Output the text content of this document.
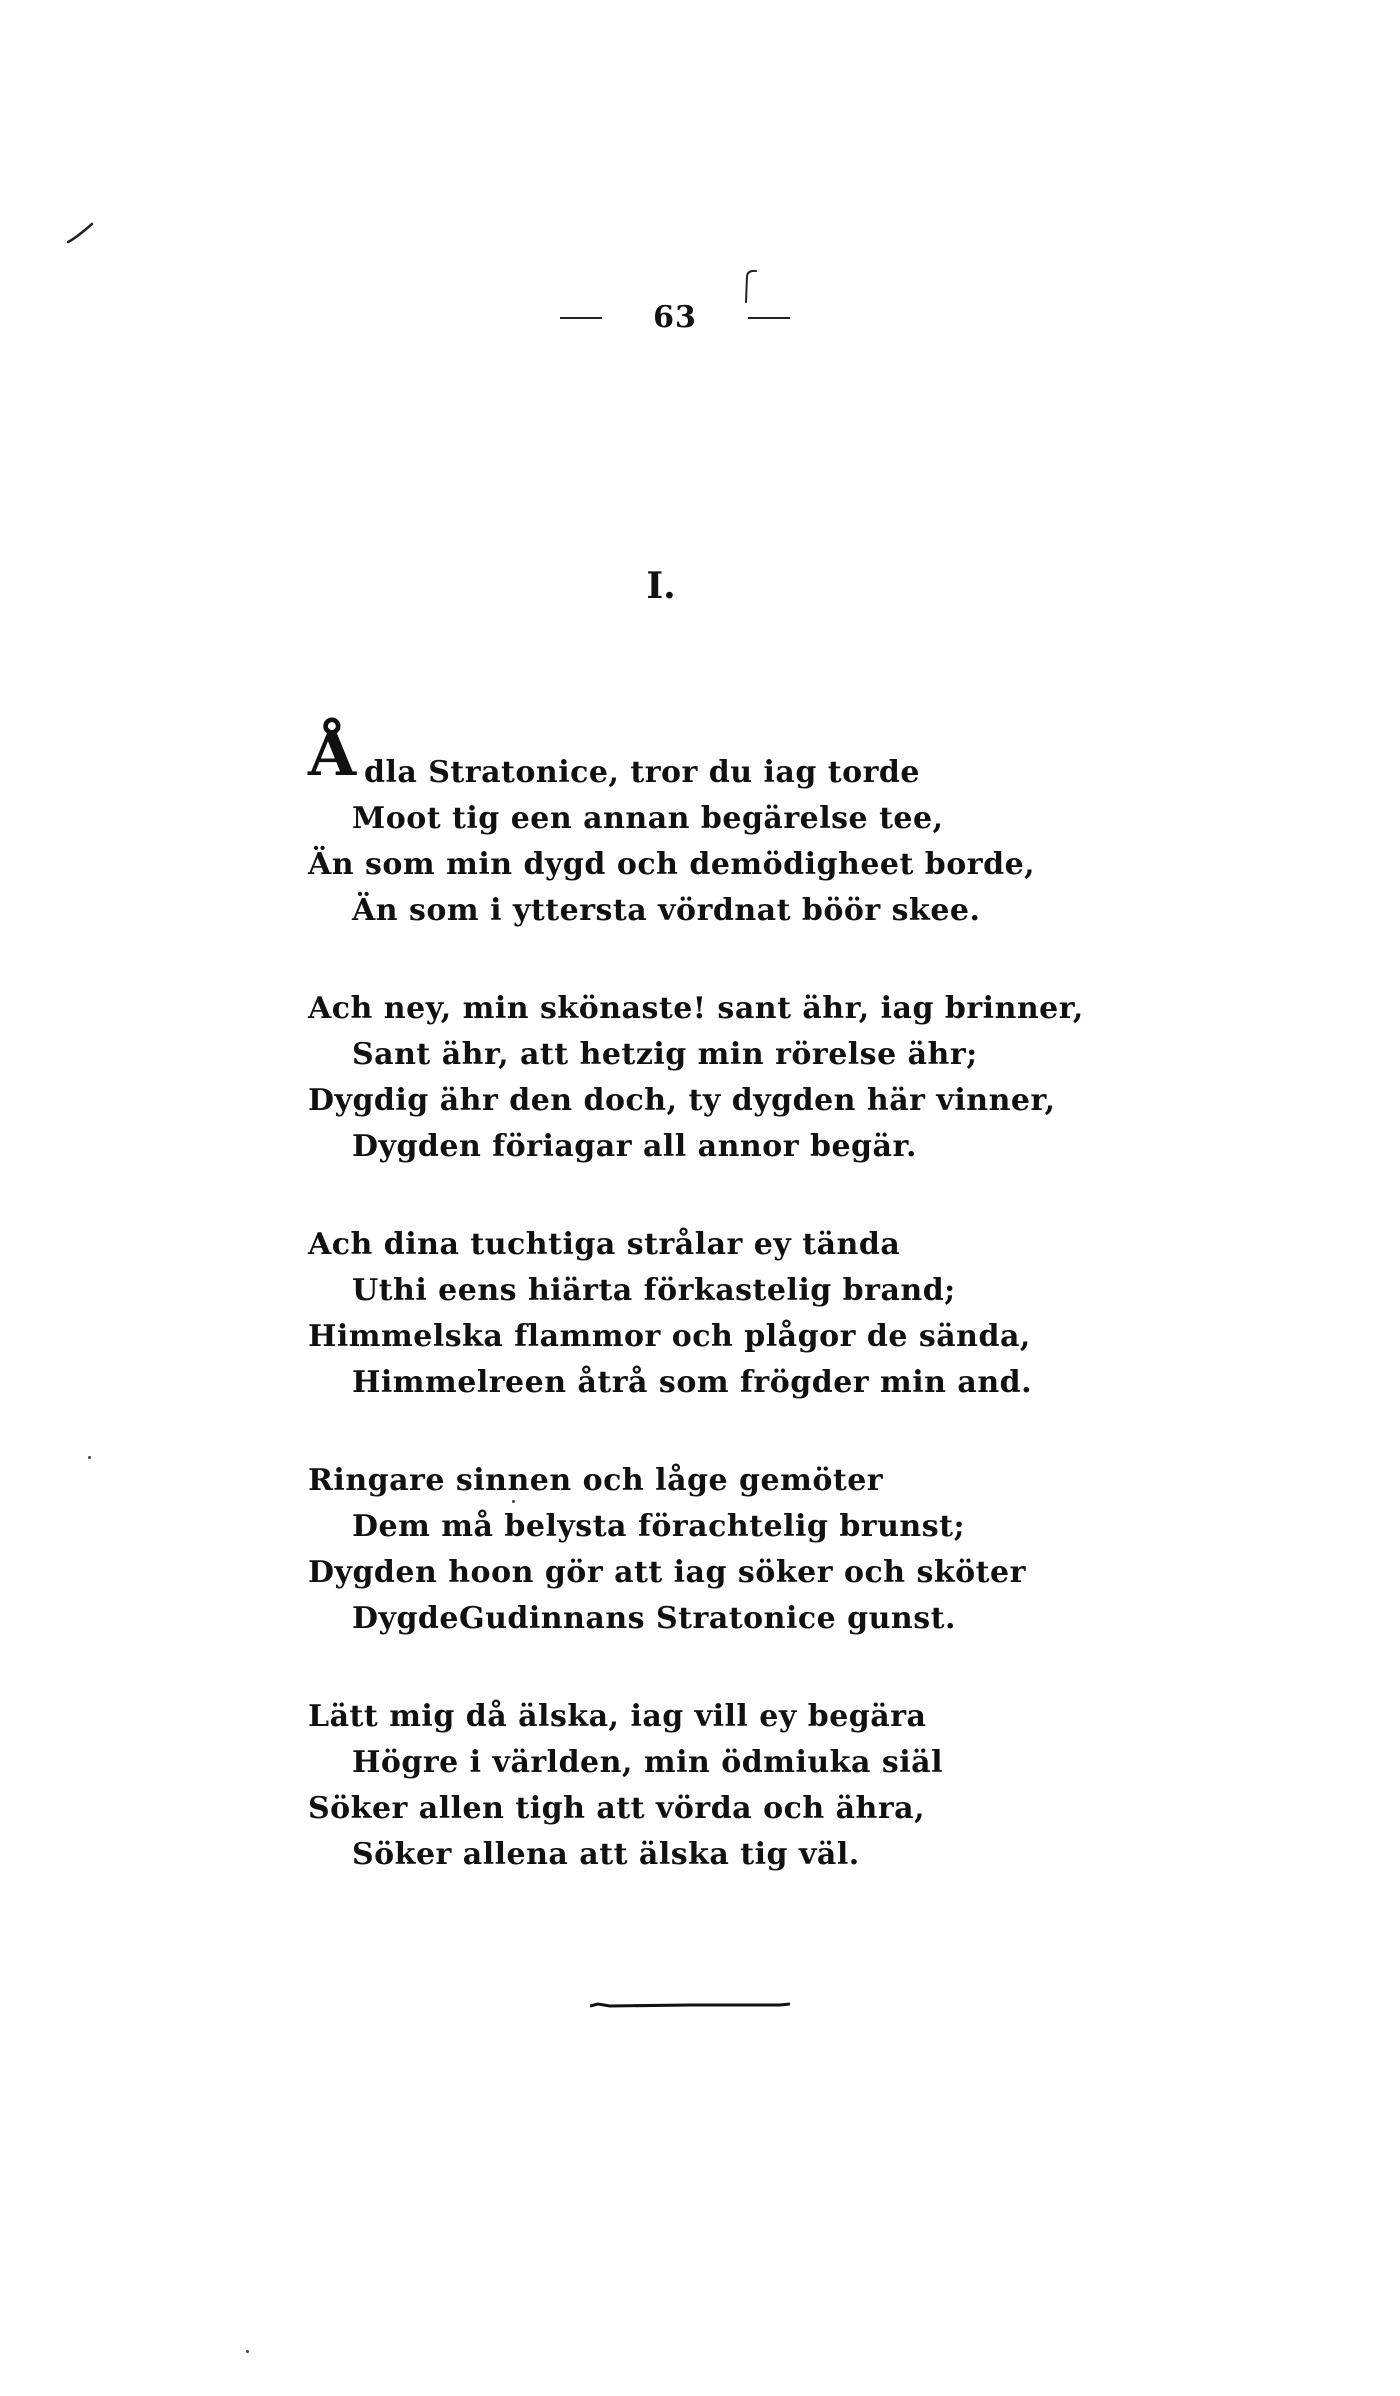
63
I.
Å dla Stratonice, tror du iag torde
Moot tig een annan begärelse tee,
Än som min dygd och demödigheet borde,
Än som i yttersta vördnat böör skee.
Ach ney, min skönaste! sant ähr, iag brinner,
Sant ähr, att hetzig min rörelse ähr;
Dygdig ähr den doch, ty dygden här vinner,
Dygden föriagar all annor begär.
Ach dina tuchtiga strålar ey tända
Uthi eens hiärta förkastelig brand;
Himmelska flammor och plågor de sända,
Himmelreen åtrå som frögder min and.
Ringare sinnen och låge gemöter
Dem må belysta förachtelig brunst;
Dygden hoon gör att iag söker och sköter
DygdeGudinnans Stratonice gunst.
Lätt mig då älska, iag vill ey begära
Högre i världen, min ödmiuka siäl
Söker allen tigh att vörda och ähra,
Söker allena att älska tig väl.
